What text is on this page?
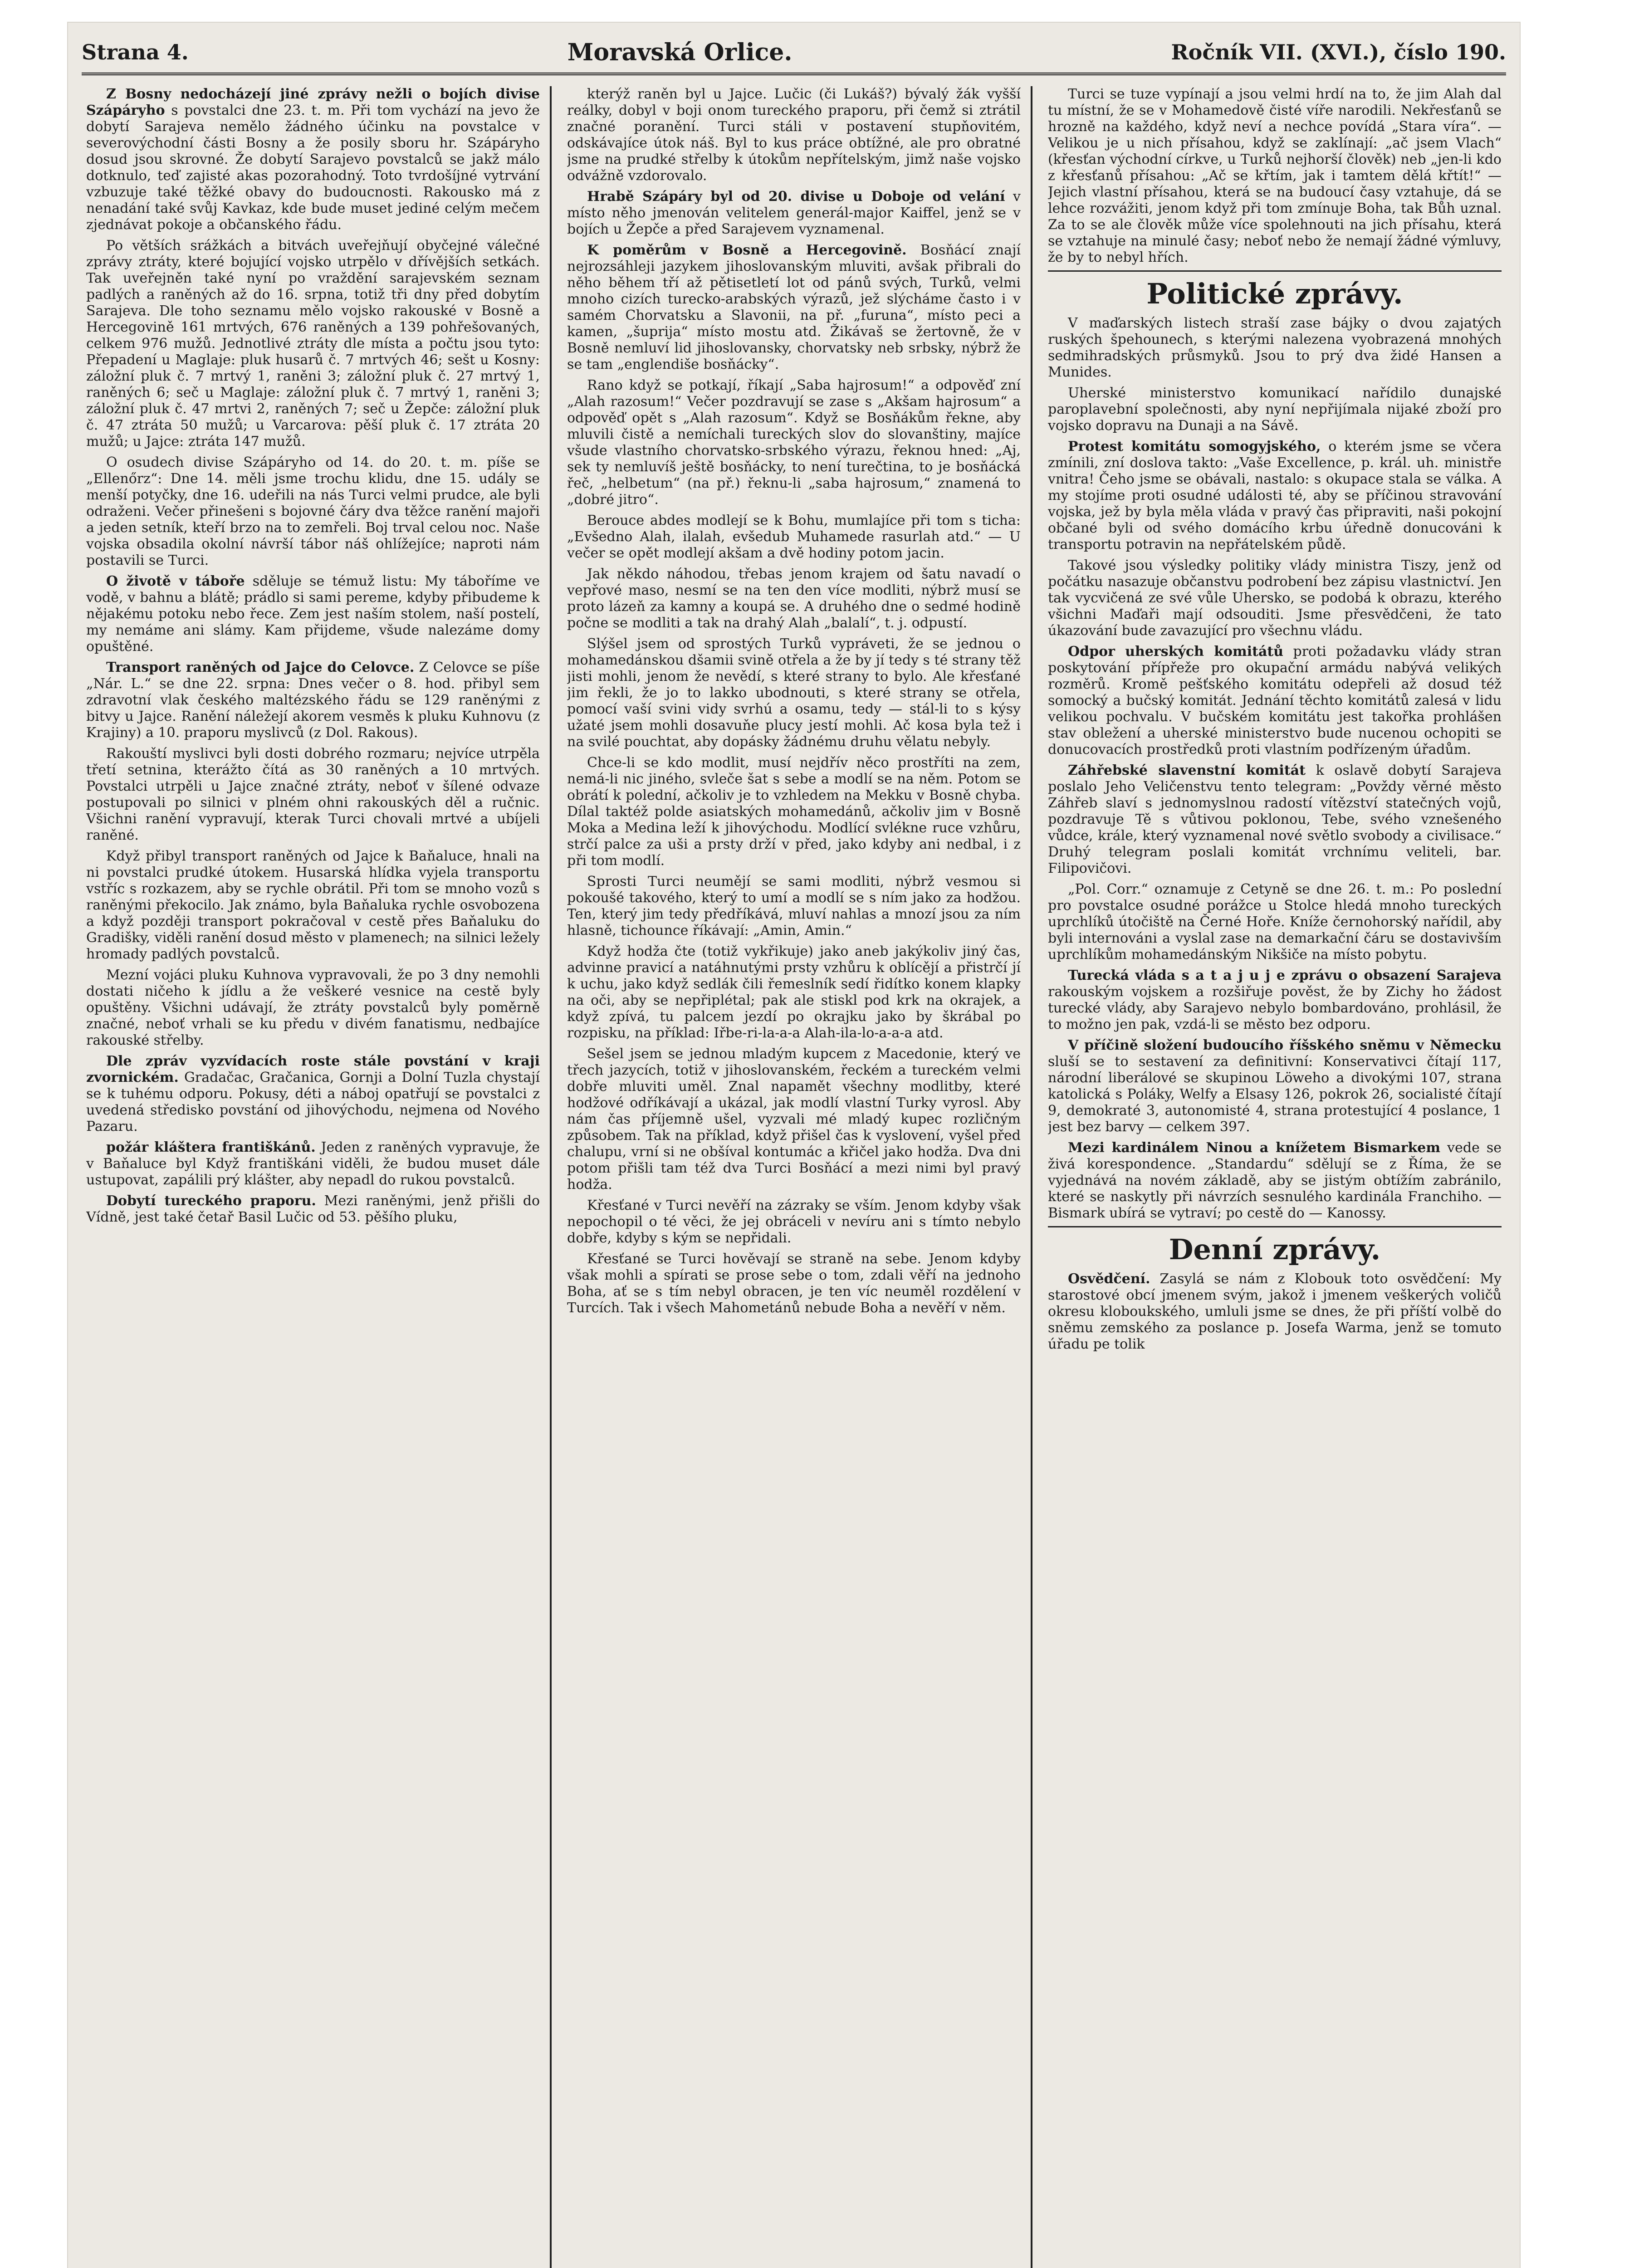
Strana 4.	Moravská Orlice.	Ročník VII. (XVI.), číslo 190.

Z Bosny nedocházejí jiné zprávy nežli o bojích divise Szápáryho s povstalci dne 23. t. m. Při tom vychází na jevo že dobytí Sarajeva nemělo žádného účinku na povstalce v severovýchodní části Bosny a že posily sboru hr. Szápáryho dosud jsou skrovné. Že dobytí Sarajevo povstalců se jakž málo dotknulo, teď zajisté akas pozorahodný. Toto tvrdošíjné vytrvání vzbuzuje také těžké obavy do budoucnosti. Rakousko má z nenadání také svůj Kavkaz, kde bude muset jediné celým mečem zjednávat pokoje a občanského řádu.

Po větších srážkách a bitvách uveřejňují obyčejné válečné zprávy ztráty, které bojující vojsko utrpělo v dřívějších setkách. Tak uveřejněn také nyní po vraždění sarajevském seznam padlých a raněných až do 16. srpna, totiž tři dny před dobytím Sarajeva. Dle toho seznamu mělo vojsko rakouské v Bosně a Hercegovině 161 mrtvých, 676 raněných a 139 pohřešovaných, celkem 976 mužů. Jednotlivé ztráty dle místa a počtu jsou tyto: Přepadení u Maglaje: pluk husarů č. 7 mrtvých 46; sešt u Kosny: záložní pluk č. 7 mrtvý 1, raněni 3; záložní pluk č. 27 mrtvý 1, raněných 6; seč u Maglaje: záložní pluk č. 7 mrtvý 1, raněni 3; záložní pluk č. 47 mrtvi 2, raněných 7; seč u Žepče: záložní pluk č. 47 ztráta 50 mužů; u Varcarova: pěší pluk č. 17 ztráta 20 mužů; u Jajce: ztráta 147 mužů.

O osudech divise Szápáryho od 14. do 20. t. m. píše se „Ellenőrz“: Dne 14. měli jsme trochu klidu, dne 15. udály se menší potyčky, dne 16. udeřili na nás Turci velmi prudce, ale byli odraženi. Večer přinešeni s bojovné čáry dva těžce ranění majoři a jeden setník, kteří brzo na to zemřeli. Boj trval celou noc. Naše vojska obsadila okolní návrší tábor náš ohlížejíce; naproti nám postavili se Turci.

O životě v táboře sděluje se témuž listu: My táboříme ve vodě, v bahnu a blátě; prádlo si sami pereme, kdyby přibudeme k nějakému potoku nebo řece. Zem jest naším stolem, naší postelí, my nemáme ani slámy. Kam přijdeme, všude nalezáme domy opuštěné.

Transport raněných od Jajce do Celovce. Z Celovce se píše „Nár. L.“ se dne 22. srpna: Dnes večer o 8. hod. přibyl sem zdravotní vlak českého maltézského řádu se 129 raněnými z bitvy u Jajce. Ranění náležejí akorem vesměs k pluku Kuhnovu (z Krajiny) a 10. praporu myslivců (z Dol. Rakous).

Rakouští myslivci byli dosti dobrého rozmaru; nejvíce utrpěla třetí setnina, kterážto čítá as 30 raněných a 10 mrtvých. Povstalci utrpěli u Jajce značné ztráty, neboť v šílené odvaze postupovali po silnici v plném ohni rakouských děl a ručnic. Všichni ranění vypravují, kterak Turci chovali mrtvé a ubíjeli raněné.

Když přibyl transport raněných od Jajce k Baňaluce, hnali na ni povstalci prudké útokem. Husarská hlídka vyjela transportu vstříc s rozkazem, aby se rychle obrátil. Při tom se mnoho vozů s raněnými překocilo. Jak známo, byla Baňaluka rychle osvobozena a když později transport pokračoval v cestě přes Baňaluku do Gradišky, viděli ranění dosud město v plamenech; na silnici ležely hromady padlých povstalců.

Mezní vojáci pluku Kuhnova vypravovali, že po 3 dny nemohli dostati ničeho k jídlu a že veškeré vesnice na cestě byly opuštěny. Všichni udávají, že ztráty povstalců byly poměrně značné, neboť vrhali se ku předu v divém fanatismu, nedbajíce rakouské střelby.

Dle zpráv vyzvídacích roste stále povstání v kraji zvornickém. Gradačac, Gračanica, Gornji a Dolní Tuzla chystají se k tuhému odporu. Pokusy, déti a náboj opatřují se povstalci z uvedená středisko povstání od jihovýchodu, nejmena od Nového Pazaru.

požár kláštera františkánů. Jeden z raněných vypravuje, že v Baňaluce byl Když františkáni viděli, že budou muset dále ustupovat, zapálili prý klášter, aby nepadl do rukou povstalců.

Dobytí tureckého praporu. Mezi raněnými, jenž přišli do Vídně, jest také četař Basil Lučic od 53. pěšího pluku,

kterýž raněn byl u Jajce. Lučic (či Lukáš?) bývalý žák vyšší reálky, dobyl v boji onom tureckého praporu, při čemž si ztrátil značné poranění. Turci stáli v postavení stupňovitém, odskávajíce útok náš. Byl to kus práce obtížné, ale pro obratné jsme na prudké střelby k útokům nepřítelským, jimž naše vojsko odvážně vzdorovalo.

Hrabě Szápáry byl od 20. divise u Doboje od velání v místo něho jmenován velitelem generál-major Kaiffel, jenž se v bojích u Žepče a před Sarajevem vyznamenal.

K poměrům v Bosně a Hercegovině. Bosňácí znají nejrozsáhleji jazykem jihoslovanským mluviti, avšak přibrali do něho během tří až pětisetletí lot od pánů svých, Turků, velmi mnoho cizích turecko-arabských výrazů, jež slýcháme často i v samém Chorvatsku a Slavonii, na př. „furuna“, místo peci a kamen, „šuprija“ místo mostu atd. Žikávaš se žertovně, že v Bosně nemluví lid jihoslovansky, chorvatsky neb srbsky, nýbrž že se tam „englendiše bosňácky“.

Rano když se potkají, říkají „Saba hajrosum!“ a odpověď zní „Alah razosum!“ Večer pozdravují se zase s „Akšam hajrosum“ a odpověď opět s „Alah razosum“. Když se Bosňákům řekne, aby mluvili čistě a nemíchali tureckých slov do slovanštiny, majíce všude vlastního chorvatsko-srbského výrazu, řeknou hned: „Aj, sek ty nemluvíš ještě bosňácky, to není turečtina, to je bosňácká řeč, „helbetum“ (na př.) řeknu-li „saba hajrosum,“ znamená to „dobré jitro“.

Berouce abdes modlejí se k Bohu, mumlajíce při tom s ticha: „Evšedno Alah, ilalah, evšedub Muhamede rasurlah atd.“ — U večer se opět modlejí akšam a dvě hodiny potom jacin.

Jak někdo náhodou, třebas jenom krajem od šatu navadí o vepřové maso, nesmí se na ten den více modliti, nýbrž musí se proto lázeň za kamny a koupá se. A druhého dne o sedmé hodině počne se modliti a tak na drahý Alah „balalí“, t. j. odpustí.

Slýšel jsem od sprostých Turků vypráveti, že se jednou o mohamedánskou dšamii svině otřela a že by jí tedy s té strany těž jisti mohli, jenom že nevědí, s které strany to bylo. Ale křesťané jim řekli, že jo to lakko ubodnouti, s které strany se otřela, pomocí vaší svini vidy svrhú a osamu, tedy — stál-li to s kýsy užaté jsem mohli dosavuňe plucy jestí mohli. Ač kosa byla tež i na svilé pouchtat, aby dopásky žádnému druhu vělatu nebyly.

Chce-li se kdo modlit, musí nejdřív něco prostříti na zem, nemá-li nic jiného, svleče šat s sebe a modlí se na něm. Potom se obrátí k polední, ačkoliv je to vzhledem na Mekku v Bosně chyba. Dílal taktéž polde asiatských mohamedánů, ačkoliv jim v Bosně Moka a Medina leží k jihovýchodu. Modlící svlékne ruce vzhůru, strčí palce za uši a prsty drží v před, jako kdyby ani nedbal, i z při tom modlí.

Sprosti Turci neumějí se sami modliti, nýbrž vesmou si pokoušé takového, který to umí a modlí se s ním jako za hodžou. Ten, který jim tedy předříkává, mluví nahlas a mnozí jsou za ním hlasně, tichounce říkávají: „Amin, Amin.“

Když hodža čte (totiž vykřikuje) jako aneb jakýkoliv jiný čas, advinne pravicí a natáhnutými prsty vzhůru k oblícějí a přistrčí jí k uchu, jako když sedlák čili řemeslník sedí řidítko konem klapky na oči, aby se nepřiplétal; pak ale stiskl pod krk na okrajek, a když zpívá, tu palcem jezdí po okrajku jako by škrábal po rozpisku, na příklad: Iřbe-ri-la-a-a Alah-ila-lo-a-a-a atd.

Sešel jsem se jednou mladým kupcem z Macedonie, který ve třech jazycích, totiž v jihoslovanském, řeckém a tureckém velmi dobře mluviti uměl. Znal napamět všechny modlitby, které hodžové odříkávají a ukázal, jak modlí vlastní Turky vyrosl. Aby nám čas příjemně ušel, vyzvali mé mladý kupec rozličným způsobem. Tak na příklad, když přišel čas k vyslovení, vyšel před chalupu, vrní si ne obšíval kontumác a křičel jako hodža. Dva dni potom přišli tam též dva Turci Bosňácí a mezi nimi byl pravý hodža.

Křesťané v Turci nevěří na zázraky se vším. Jenom kdyby však nepochopil o té věci, že jej obráceli v nevíru ani s tímto nebylo dobře, kdyby s kým se nepřidali.

Křesťané se Turci hověvají se straně na sebe. Jenom kdyby však mohli a spírati se prose sebe o tom, zdali věří na jednoho Boha, ať se s tím nebyl obracen, je ten víc neuměl rozdělení v Turcích. Tak i všech Mahometánů nebude Boha a nevěří v něm.

Turci se tuze vypínají a jsou velmi hrdí na to, že jim Alah dal tu místní, že se v Mohamedově čisté víře narodili. Nekřesťanů se hrozně na každého, když neví a nechce povídá „Stara víra“. — Velikou je u nich přísahou, když se zaklínají: „ač jsem Vlach“ (křesťan východní církve, u Turků nejhorší člověk) neb „jen-li kdo z křesťanů přísahou: „Ač se křtím, jak i tamtem dělá křtít!“ — Jejich vlastní přísahou, která se na budoucí časy vztahuje, dá se lehce rozvážiti, jenom když při tom zmínuje Boha, tak Bůh uznal. Za to se ale člověk může více spolehnouti na jich přísahu, která se vztahuje na minulé časy; neboť nebo že nemají žádné výmluvy, že by to nebyl hřích.

Politické zprávy.

V maďarských listech straší zase bájky o dvou zajatých ruských špehounech, s kterými nalezena vyobrazená mnohých sedmihradských průsmyků. Jsou to prý dva židé Hansen a Munides.

Uherské ministerstvo komunikací nařídilo dunajské paroplavební společnosti, aby nyní nepřijímala nijaké zboží pro vojsko dopravu na Dunaji a na Sávě.

Protest komitátu somogyjského, o kterém jsme se včera zmínili, zní doslova takto: „Vaše Excellence, p. král. uh. ministře vnitra! Čeho jsme se obávali, nastalo: s okupace stala se válka. A my stojíme proti osudné události té, aby se příčinou stravování vojska, jež by byla měla vláda v pravý čas připraviti, naši pokojní občané byli od svého domácího krbu úředně donucováni k transportu potravin na nepřátelském půdě.

Takové jsou výsledky politiky vlády ministra Tiszy, jenž od počátku nasazuje občanstvu podrobení bez zápisu vlastnictví. Jen tak vycvičená ze své vůle Uhersko, se podobá k obrazu, kterého všichni Maďaři mají odsouditi. Jsme přesvědčeni, že tato úkazování bude zavazující pro všechnu vládu.

Odpor uherských komitátů proti požadavku vlády stran poskytování přípřeže pro okupační armádu nabývá velikých rozměrů. Kromě pešťského komitátu odepřeli až dosud též somocký a bučský komitát. Jednání těchto komitátů zalesá v lidu velikou pochvalu. V bučském komitátu jest takořka prohlášen stav obležení a uherské ministerstvo bude nucenou ochopiti se donucovacích prostředků proti vlastním podřízeným úřadům.

Záhřebské slavenstní komitát k oslavě dobytí Sarajeva poslalo Jeho Veličenstvu tento telegram: „Povždy věrné město Záhřeb slaví s jednomyslnou radostí vítězství statečných vojů, pozdravuje Tě s vůtivou poklonou, Tebe, svého vznešeného vůdce, krále, který vyznamenal nové světlo svobody a civilisace.“ Druhý telegram poslali komitát vrchnímu veliteli, bar. Filipovičovi.

„Pol. Corr.“ oznamuje z Cetyně se dne 26. t. m.: Po poslední pro povstalce osudné porážce u Stolce hledá mnoho tureckých uprchlíků útočiště na Černé Hoře. Kníže černohorský nařídil, aby byli internováni a vyslal zase na demarkační čáru se dostavivším uprchlíkům mohamedánským Nikšiče na místo pobytu.

Turecká vláda s a t a j u j e zprávu o obsazení Sarajeva rakouským vojskem a rozšiřuje pověst, že by Zichy ho žádost turecké vlády, aby Sarajevo nebylo bombardováno, prohlásil, že to možno jen pak, vzdá-li se město bez odporu.

V příčině složení budoucího říšského sněmu v Německu sluší se to sestavení za definitivní: Konservativci čítají 117, národní liberálové se skupinou Löweho a divokými 107, strana katolická s Poláky, Welfy a Elsasy 126, pokrok 26, socialisté čítají 9, demokraté 3, autonomisté 4, strana protestující 4 poslance, 1 jest bez barvy — celkem 397.

Mezi kardinálem Ninou a knížetem Bismarkem vede se živá korespondence. „Standardu“ sdělují se z Říma, že se vyjednává na novém základě, aby se jistým obtížím zabránilo, které se naskytly při návrzích sesnulého kardinála Franchiho. — Bismark ubírá se vytraví; po cestě do — Kanossy.

Denní zprávy.

Osvědčení. Zasylá se nám z Klobouk toto osvědčení: My starostové obcí jmenem svým, jakož i jmenem veškerých voličů okresu kloboukského, umluli jsme se dnes, že při příští volbě do sněmu zemského za poslance p. Josefa Warma, jenž se tomuto úřadu pe tolik
